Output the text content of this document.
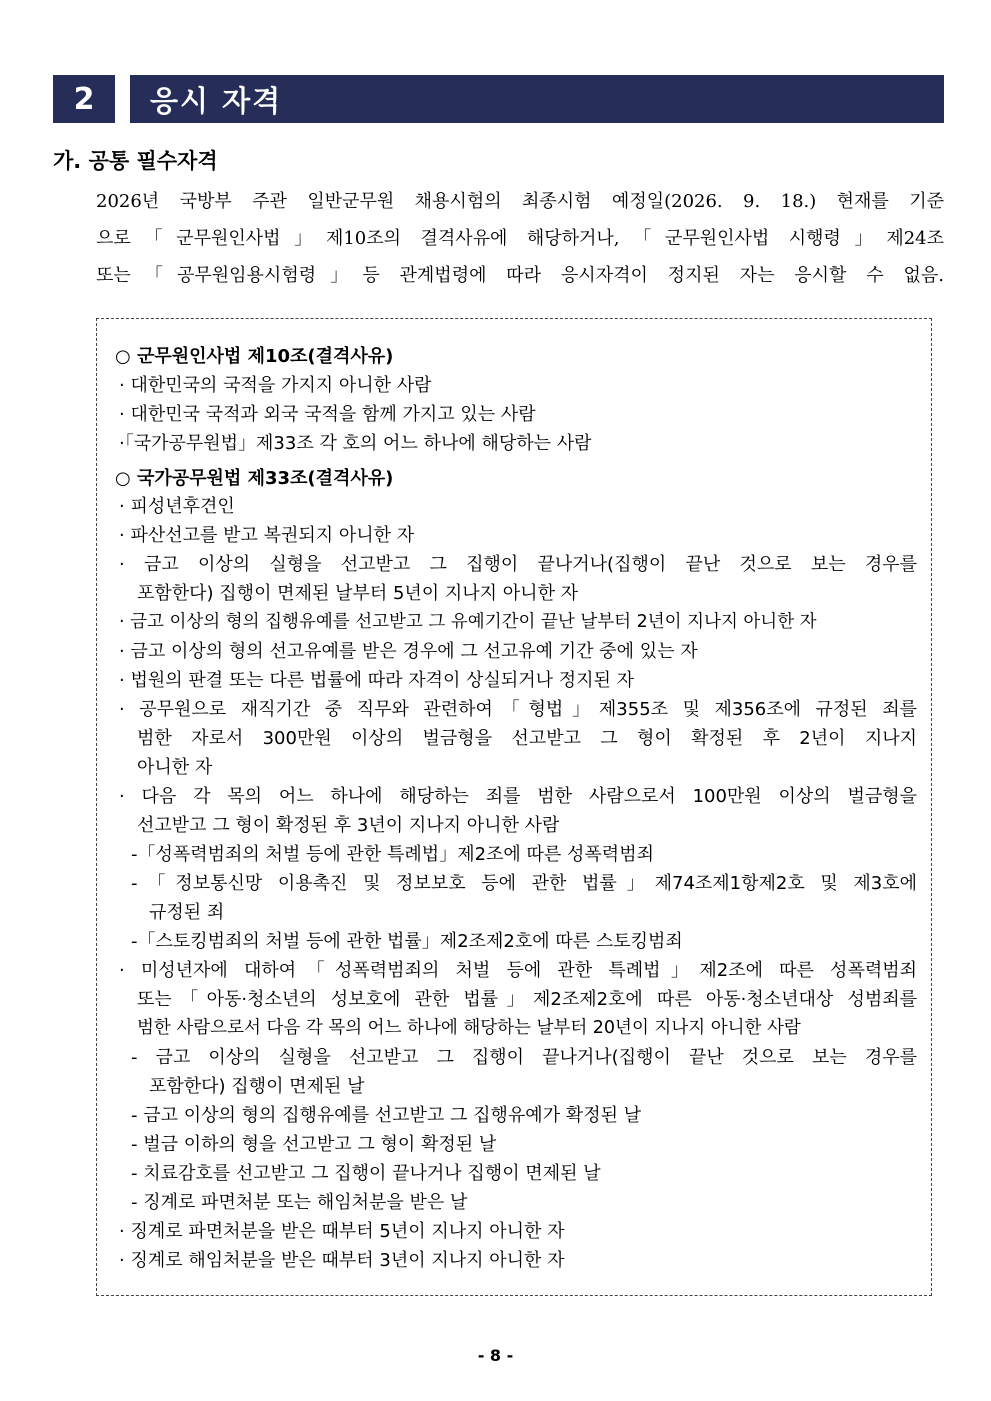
2	응시 자격
가. 공통 필수자격
2026년 국방부 주관 일반군무원 채용시험의 최종시험 예정일(2026. 9. 18.) 현재를 기준
으로「군무원인사법」제10조의 결격사유에 해당하거나,「군무원인사법 시행령」제24조
또는「공무원임용시험령」등 관계법령에 따라 응시자격이 정지된 자는 응시할 수 없음.
○ 군무원인사법 제10조(결격사유)
· 대한민국의 국적을 가지지 아니한 사람
· 대한민국 국적과 외국 국적을 함께 가지고 있는 사람
·「국가공무원법」제33조 각 호의 어느 하나에 해당하는 사람
○ 국가공무원법 제33조(결격사유)
· 피성년후견인
· 파산선고를 받고 복권되지 아니한 자
· 금고 이상의 실형을 선고받고 그 집행이 끝나거나(집행이 끝난 것으로 보는 경우를
포함한다) 집행이 면제된 날부터 5년이 지나지 아니한 자
· 금고 이상의 형의 집행유예를 선고받고 그 유예기간이 끝난 날부터 2년이 지나지 아니한 자
· 금고 이상의 형의 선고유예를 받은 경우에 그 선고유예 기간 중에 있는 자
· 법원의 판결 또는 다른 법률에 따라 자격이 상실되거나 정지된 자
· 공무원으로 재직기간 중 직무와 관련하여「형법」제355조 및 제356조에 규정된 죄를
범한 자로서 300만원 이상의 벌금형을 선고받고 그 형이 확정된 후 2년이 지나지
아니한 자
· 다음 각 목의 어느 하나에 해당하는 죄를 범한 사람으로서 100만원 이상의 벌금형을
선고받고 그 형이 확정된 후 3년이 지나지 아니한 사람
-「성폭력범죄의 처벌 등에 관한 특례법」제2조에 따른 성폭력범죄
-「정보통신망 이용촉진 및 정보보호 등에 관한 법률」제74조제1항제2호 및 제3호에
규정된 죄
-「스토킹범죄의 처벌 등에 관한 법률」제2조제2호에 따른 스토킹범죄
· 미성년자에 대하여「성폭력범죄의 처벌 등에 관한 특례법」제2조에 따른 성폭력범죄
또는「아동·청소년의 성보호에 관한 법률」제2조제2호에 따른 아동·청소년대상 성범죄를
범한 사람으로서 다음 각 목의 어느 하나에 해당하는 날부터 20년이 지나지 아니한 사람
- 금고 이상의 실형을 선고받고 그 집행이 끝나거나(집행이 끝난 것으로 보는 경우를
포함한다) 집행이 면제된 날
- 금고 이상의 형의 집행유예를 선고받고 그 집행유예가 확정된 날
- 벌금 이하의 형을 선고받고 그 형이 확정된 날
- 치료감호를 선고받고 그 집행이 끝나거나 집행이 면제된 날
- 징계로 파면처분 또는 해임처분을 받은 날
· 징계로 파면처분을 받은 때부터 5년이 지나지 아니한 자
· 징계로 해임처분을 받은 때부터 3년이 지나지 아니한 자
- 8 -
